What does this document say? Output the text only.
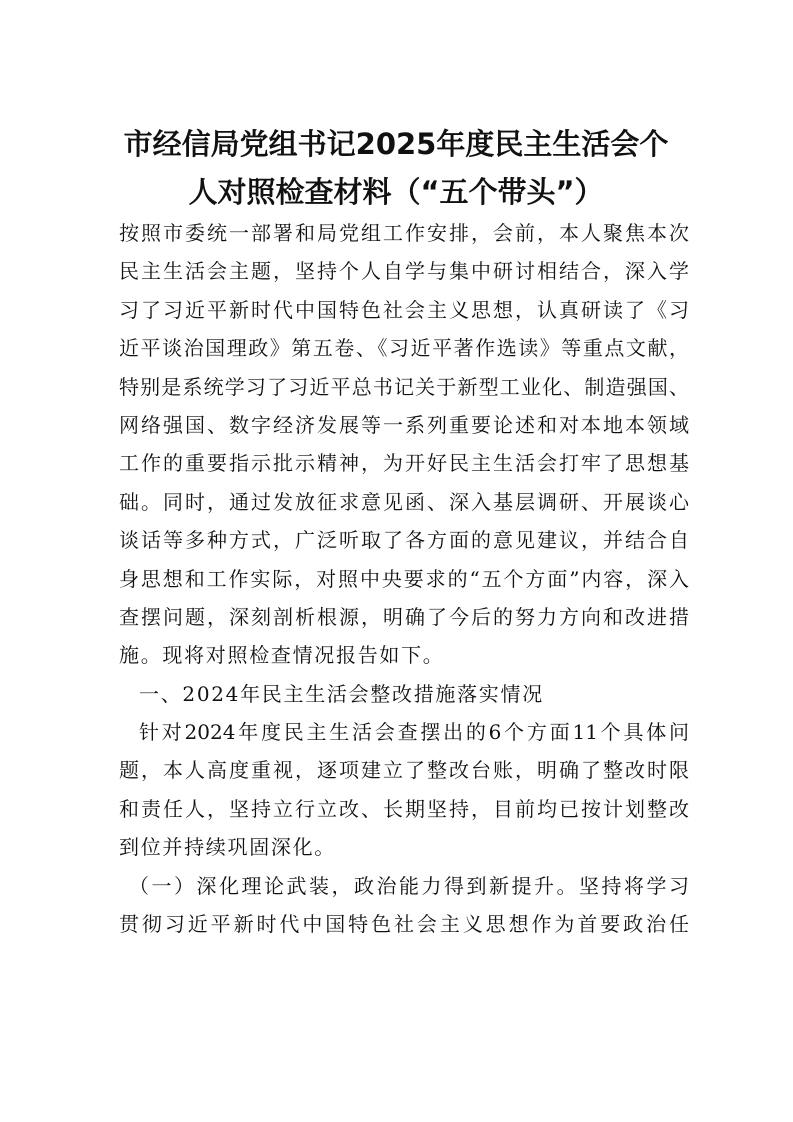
市经信局党组书记2025年度民主生活会个
人对照检查材料（“五个带头”）
按照市委统一部署和局党组工作安排，会前，本人聚焦本次
民主生活会主题，坚持个人自学与集中研讨相结合，深入学
习了习近平新时代中国特色社会主义思想，认真研读了《习
近平谈治国理政》第五卷、《习近平著作选读》等重点文献，
特别是系统学习了习近平总书记关于新型工业化、制造强国、
网络强国、数字经济发展等一系列重要论述和对本地本领域
工作的重要指示批示精神，为开好民主生活会打牢了思想基
础。同时，通过发放征求意见函、深入基层调研、开展谈心
谈话等多种方式，广泛听取了各方面的意见建议，并结合自
身思想和工作实际，对照中央要求的“五个方面”内容，深入
查摆问题，深刻剖析根源，明确了今后的努力方向和改进措
施。现将对照检查情况报告如下。
一、2024年民主生活会整改措施落实情况
针对2024年度民主生活会查摆出的6个方面11个具体问
题，本人高度重视，逐项建立了整改台账，明确了整改时限
和责任人，坚持立行立改、长期坚持，目前均已按计划整改
到位并持续巩固深化。
（一）深化理论武装，政治能力得到新提升。坚持将学习
贯彻习近平新时代中国特色社会主义思想作为首要政治任
